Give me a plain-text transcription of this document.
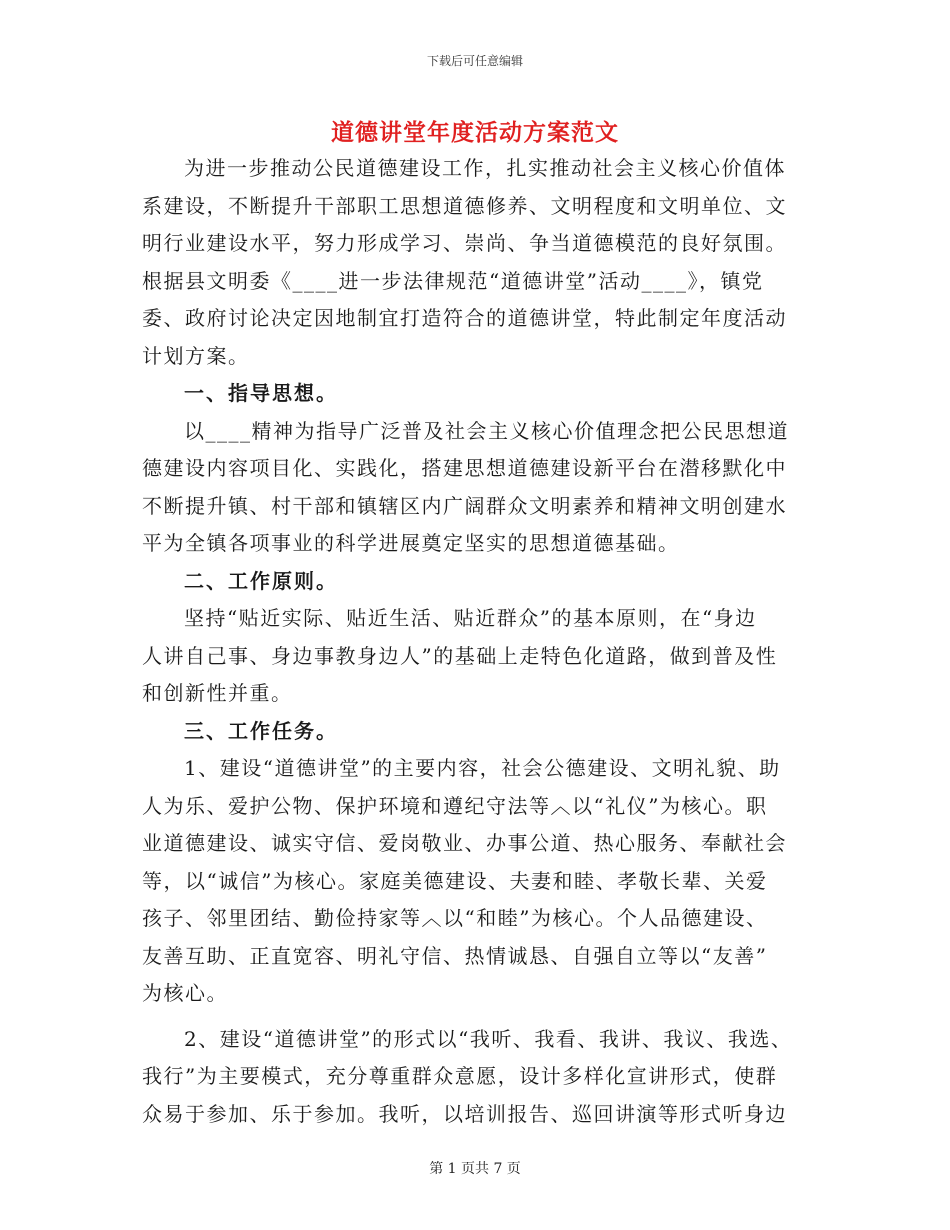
下载后可任意编辑
道德讲堂年度活动方案范文
为进一步推动公民道德建设工作，扎实推动社会主义核心价值体
系建设，不断提升干部职工思想道德修养、文明程度和文明单位、文
明行业建设水平，努力形成学习、崇尚、争当道德模范的良好氛围。
根据县文明委《____进一步法律规范“道德讲堂”活动____》，镇党
委、政府讨论决定因地制宜打造符合的道德讲堂，特此制定年度活动
计划方案。
一、指导思想。
以____精神为指导广泛普及社会主义核心价值理念把公民思想道
德建设内容项目化、实践化，搭建思想道德建设新平台在潜移默化中
不断提升镇、村干部和镇辖区内广阔群众文明素养和精神文明创建水
平为全镇各项事业的科学进展奠定坚实的思想道德基础。
二、工作原则。
坚持“贴近实际、贴近生活、贴近群众”的基本原则，在“身边
人讲自己事、身边事教身边人”的基础上走特色化道路，做到普及性
和创新性并重。
三、工作任务。
1、建设“道德讲堂”的主要内容，社会公德建设、文明礼貌、助
人为乐、爱护公物、保护环境和遵纪守法等︿以“礼仪”为核心。职
业道德建设、诚实守信、爱岗敬业、办事公道、热心服务、奉献社会
等，以“诚信”为核心。家庭美德建设、夫妻和睦、孝敬长辈、关爱
孩子、邻里团结、勤俭持家等︿以“和睦”为核心。个人品德建设、
友善互助、正直宽容、明礼守信、热情诚恳、自强自立等以“友善”
为核心。
2、建设“道德讲堂”的形式以“我听、我看、我讲、我议、我选、
我行”为主要模式，充分尊重群众意愿，设计多样化宣讲形式，使群
众易于参加、乐于参加。我听，以培训报告、巡回讲演等形式听身边
第 1 页共 7 页
